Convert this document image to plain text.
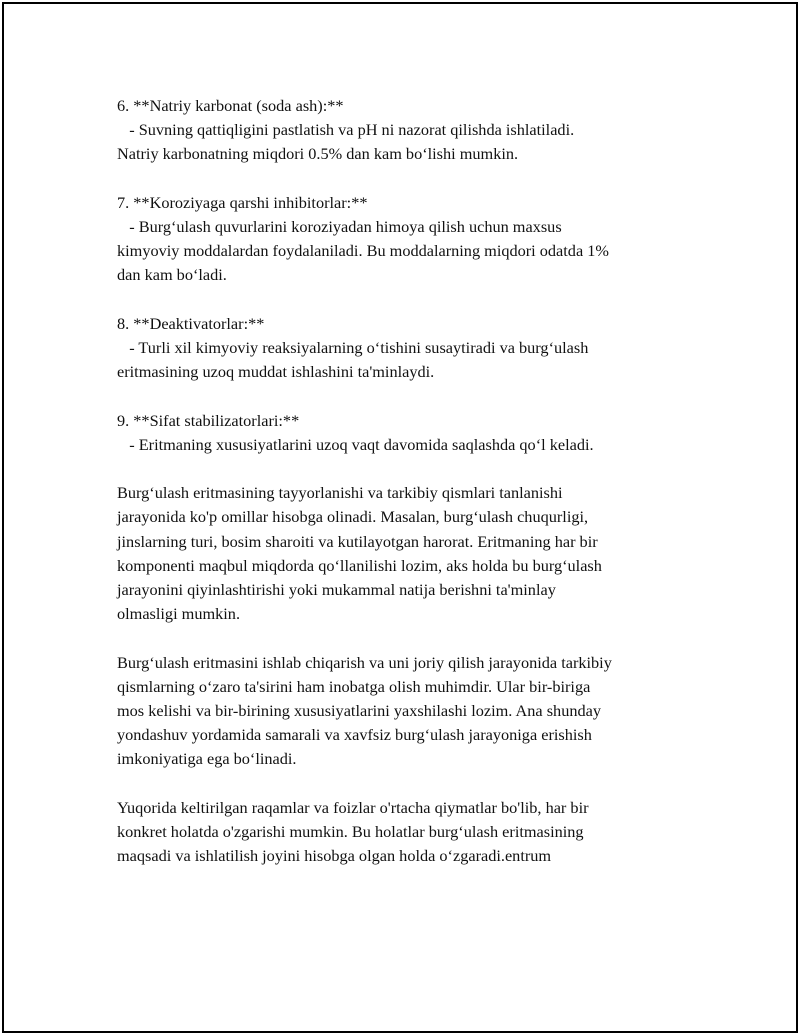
6. **Natriy karbonat (soda ash):**
- Suvning qattiqligini pastlatish va pH ni nazorat qilishda ishlatiladi.
Natriy karbonatning miqdori 0.5% dan kam bo‘lishi mumkin.
7. **Koroziyaga qarshi inhibitorlar:**
- Burg‘ulash quvurlarini koroziyadan himoya qilish uchun maxsus
kimyoviy moddalardan foydalaniladi. Bu moddalarning miqdori odatda 1%
dan kam bo‘ladi.
8. **Deaktivatorlar:**
- Turli xil kimyoviy reaksiyalarning o‘tishini susaytiradi va burg‘ulash
eritmasining uzoq muddat ishlashini ta'minlaydi.
9. **Sifat stabilizatorlari:**
- Eritmaning xususiyatlarini uzoq vaqt davomida saqlashda qo‘l keladi.
Burg‘ulash eritmasining tayyorlanishi va tarkibiy qismlari tanlanishi
jarayonida ko'p omillar hisobga olinadi. Masalan, burg‘ulash chuqurligi,
jinslarning turi, bosim sharoiti va kutilayotgan harorat. Eritmaning har bir
komponenti maqbul miqdorda qo‘llanilishi lozim, aks holda bu burg‘ulash
jarayonini qiyinlashtirishi yoki mukammal natija berishni ta'minlay
olmasligi mumkin.
Burg‘ulash eritmasini ishlab chiqarish va uni joriy qilish jarayonida tarkibiy
qismlarning o‘zaro ta'sirini ham inobatga olish muhimdir. Ular bir-biriga
mos kelishi va bir-birining xususiyatlarini yaxshilashi lozim. Ana shunday
yondashuv yordamida samarali va xavfsiz burg‘ulash jarayoniga erishish
imkoniyatiga ega bo‘linadi.
Yuqorida keltirilgan raqamlar va foizlar o'rtacha qiymatlar bo'lib, har bir
konkret holatda o'zgarishi mumkin. Bu holatlar burg‘ulash eritmasining
maqsadi va ishlatilish joyini hisobga olgan holda o‘zgaradi.entrum
